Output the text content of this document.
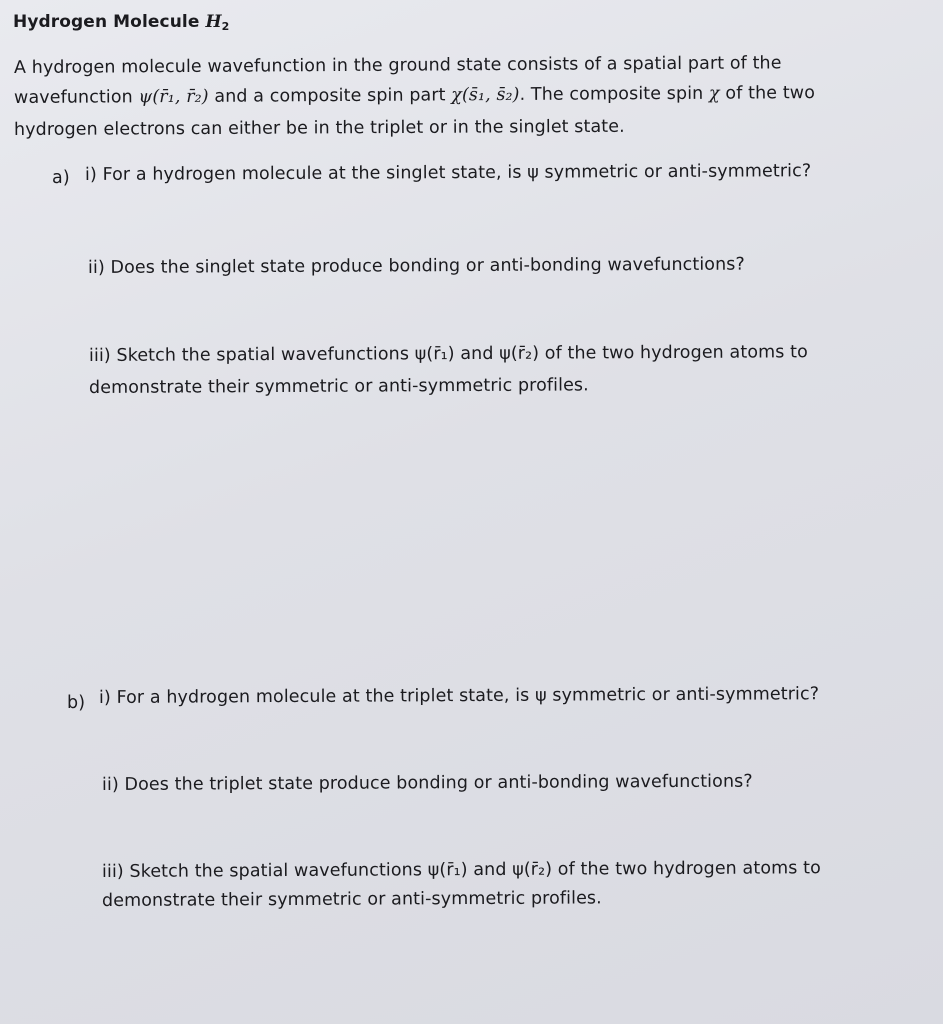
Hydrogen Molecule H2
A hydrogen molecule wavefunction in the ground state consists of a spatial part of the
wavefunction ψ(r̄₁, r̄₂) and a composite spin part χ(s̄₁, s̄₂). The composite spin χ of the two
hydrogen electrons can either be in the triplet or in the singlet state.
a) i) For a hydrogen molecule at the singlet state, is ψ symmetric or anti-symmetric?
ii) Does the singlet state produce bonding or anti-bonding wavefunctions?
iii) Sketch the spatial wavefunctions ψ(r̄₁) and ψ(r̄₂) of the two hydrogen atoms to
demonstrate their symmetric or anti-symmetric profiles.
b) i) For a hydrogen molecule at the triplet state, is ψ symmetric or anti-symmetric?
ii) Does the triplet state produce bonding or anti-bonding wavefunctions?
iii) Sketch the spatial wavefunctions ψ(r̄₁) and ψ(r̄₂) of the two hydrogen atoms to
demonstrate their symmetric or anti-symmetric profiles.
